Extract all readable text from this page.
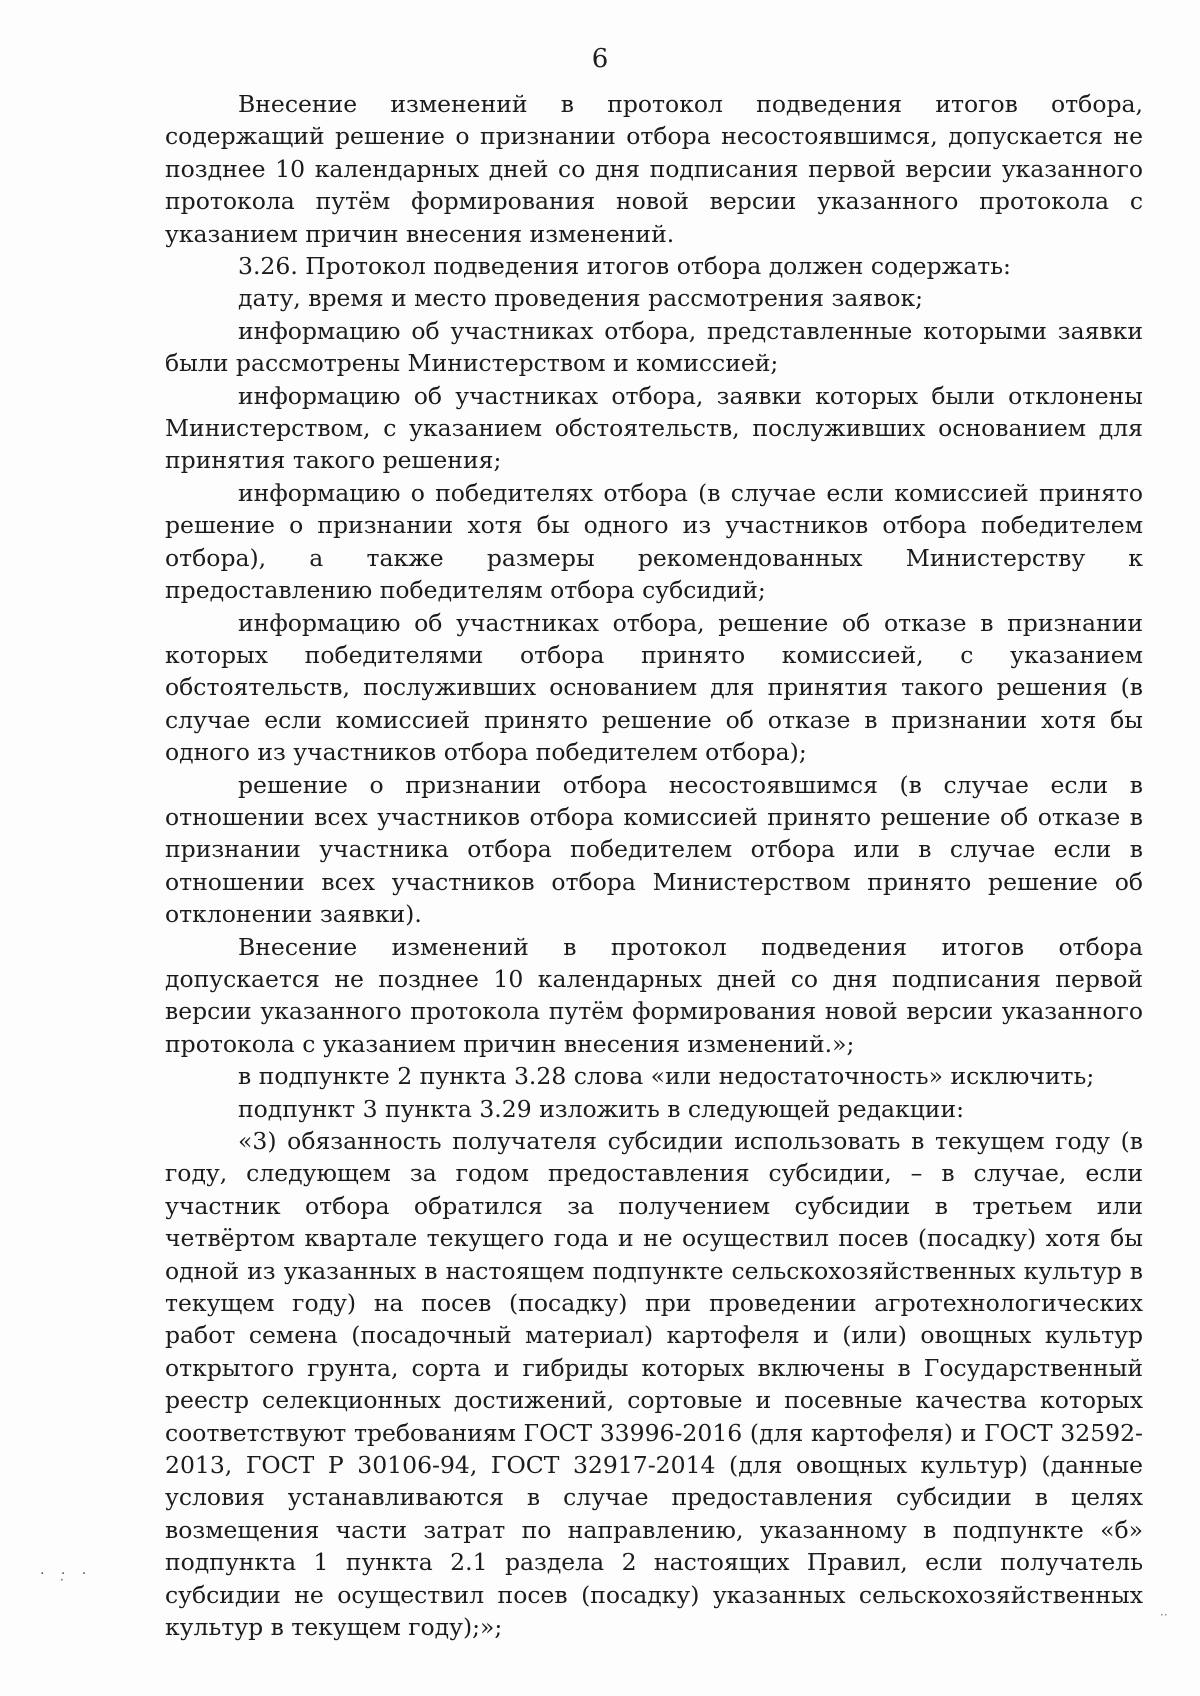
6

Внесение изменений в протокол подведения итогов отбора, содержащий решение о признании отбора несостоявшимся, допускается не позднее 10 календарных дней со дня подписания первой версии указанного протокола путём формирования новой версии указанного протокола с указанием причин внесения изменений.

3.26. Протокол подведения итогов отбора должен содержать:

дату, время и место проведения рассмотрения заявок;

информацию об участниках отбора, представленные которыми заявки были рассмотрены Министерством и комиссией;

информацию об участниках отбора, заявки которых были отклонены Министерством, с указанием обстоятельств, послуживших основанием для принятия такого решения;

информацию о победителях отбора (в случае если комиссией принято решение о признании хотя бы одного из участников отбора победителем отбора), а также размеры рекомендованных Министерству к предоставлению победителям отбора субсидий;

информацию об участниках отбора, решение об отказе в признании которых победителями отбора принято комиссией, с указанием обстоятельств, послуживших основанием для принятия такого решения (в случае если комиссией принято решение об отказе в признании хотя бы одного из участников отбора победителем отбора);

решение о признании отбора несостоявшимся (в случае если в отношении всех участников отбора комиссией принято решение об отказе в признании участника отбора победителем отбора или в случае если в отношении всех участников отбора Министерством принято решение об отклонении заявки).

Внесение изменений в протокол подведения итогов отбора допускается не позднее 10 календарных дней со дня подписания первой версии указанного протокола путём формирования новой версии указанного протокола с указанием причин внесения изменений.»;

в подпункте 2 пункта 3.28 слова «или недостаточность» исключить;

подпункт 3 пункта 3.29 изложить в следующей редакции:

«3) обязанность получателя субсидии использовать в текущем году (в году, следующем за годом предоставления субсидии, – в случае, если участник отбора обратился за получением субсидии в третьем или четвёртом квартале текущего года и не осуществил посев (посадку) хотя бы одной из указанных в настоящем подпункте сельскохозяйственных культур в текущем году) на посев (посадку) при проведении агротехнологических работ семена (посадочный материал) картофеля и (или) овощных культур открытого грунта, сорта и гибриды которых включены в Государственный реестр селекционных достижений, сортовые и посевные качества которых соответствуют требованиям ГОСТ 33996-2016 (для картофеля) и ГОСТ 32592-2013, ГОСТ Р 30106-94, ГОСТ 32917-2014 (для овощных культур) (данные условия устанавливаются в случае предоставления субсидии в целях возмещения части затрат по направлению, указанному в подпункте «б» подпункта 1 пункта 2.1 раздела 2 настоящих Правил, если получатель субсидии не осуществил посев (посадку) указанных сельскохозяйственных культур в текущем году);»;

· ·̣ ·
··
